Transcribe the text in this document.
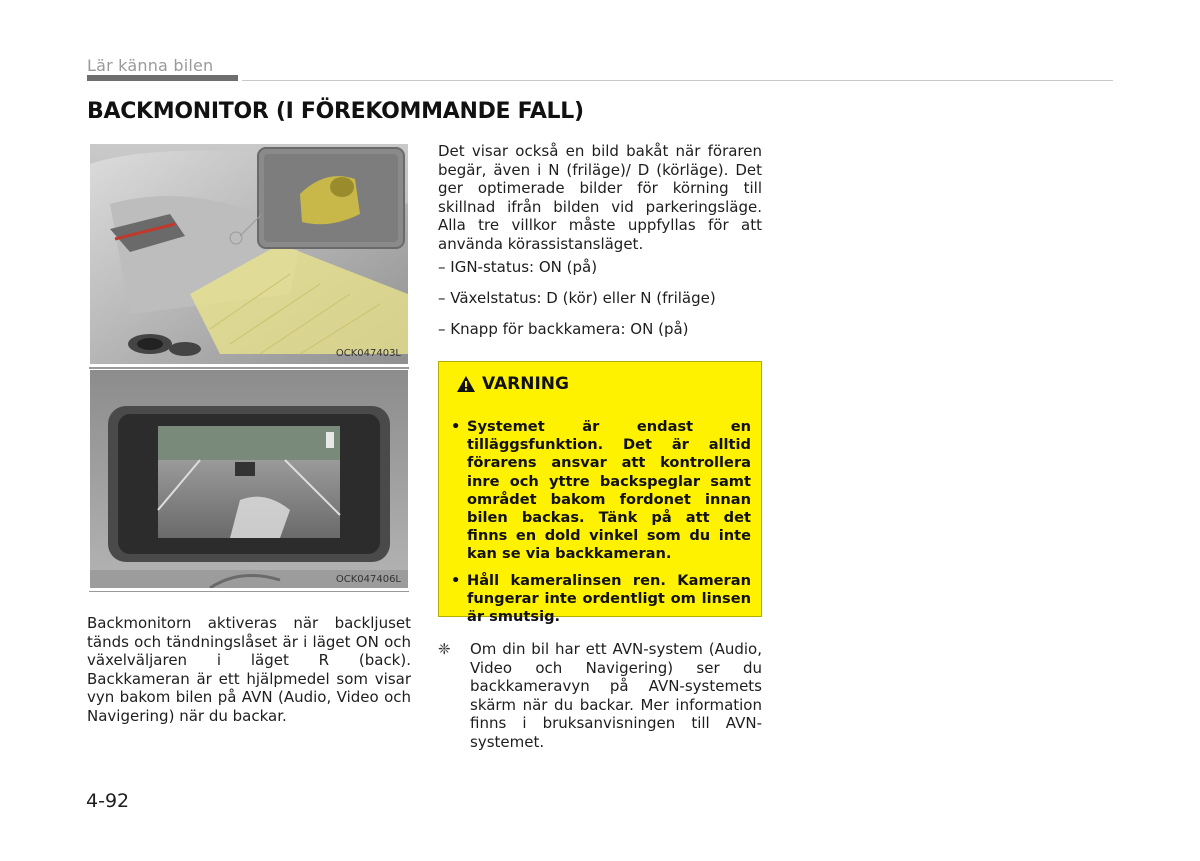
Lär känna bilen
BACKMONITOR (I FÖREKOMMANDE FALL)
OCK047403L
OCK047406L

Backmonitorn aktiveras när backljuset tänds och tändningslåset är i läget ON och växelväljaren i läget R (back). Backkameran är ett hjälpmedel som visar vyn bakom bilen på AVN (Audio, Video och Navigering) när du backar.

Det visar också en bild bakåt när föraren begär, även i N (friläge)/ D (körläge). Det ger optimerade bilder för körning till skillnad ifrån bilden vid parkeringsläge. Alla tre villkor måste uppfyllas för att använda körassistansläget.

– IGN-status: ON (på)
– Växelstatus: D (kör) eller N (friläge)
– Knapp för backkamera: ON (på)
VARNING
• Systemet är endast en tilläggsfunktion. Det är alltid förarens ansvar att kontrollera inre och yttre backspeglar samt området bakom fordonet innan bilen backas. Tänk på att det finns en dold vinkel som du inte kan se via backkameran.
• Håll kameralinsen ren. Kameran fungerar inte ordentligt om linsen är smutsig.
❈ Om din bil har ett AVN-system (Audio, Video och Navigering) ser du backkameravyn på AVN-systemets skärm när du backar. Mer information finns i bruksanvisningen till AVN-systemet.

4-92
